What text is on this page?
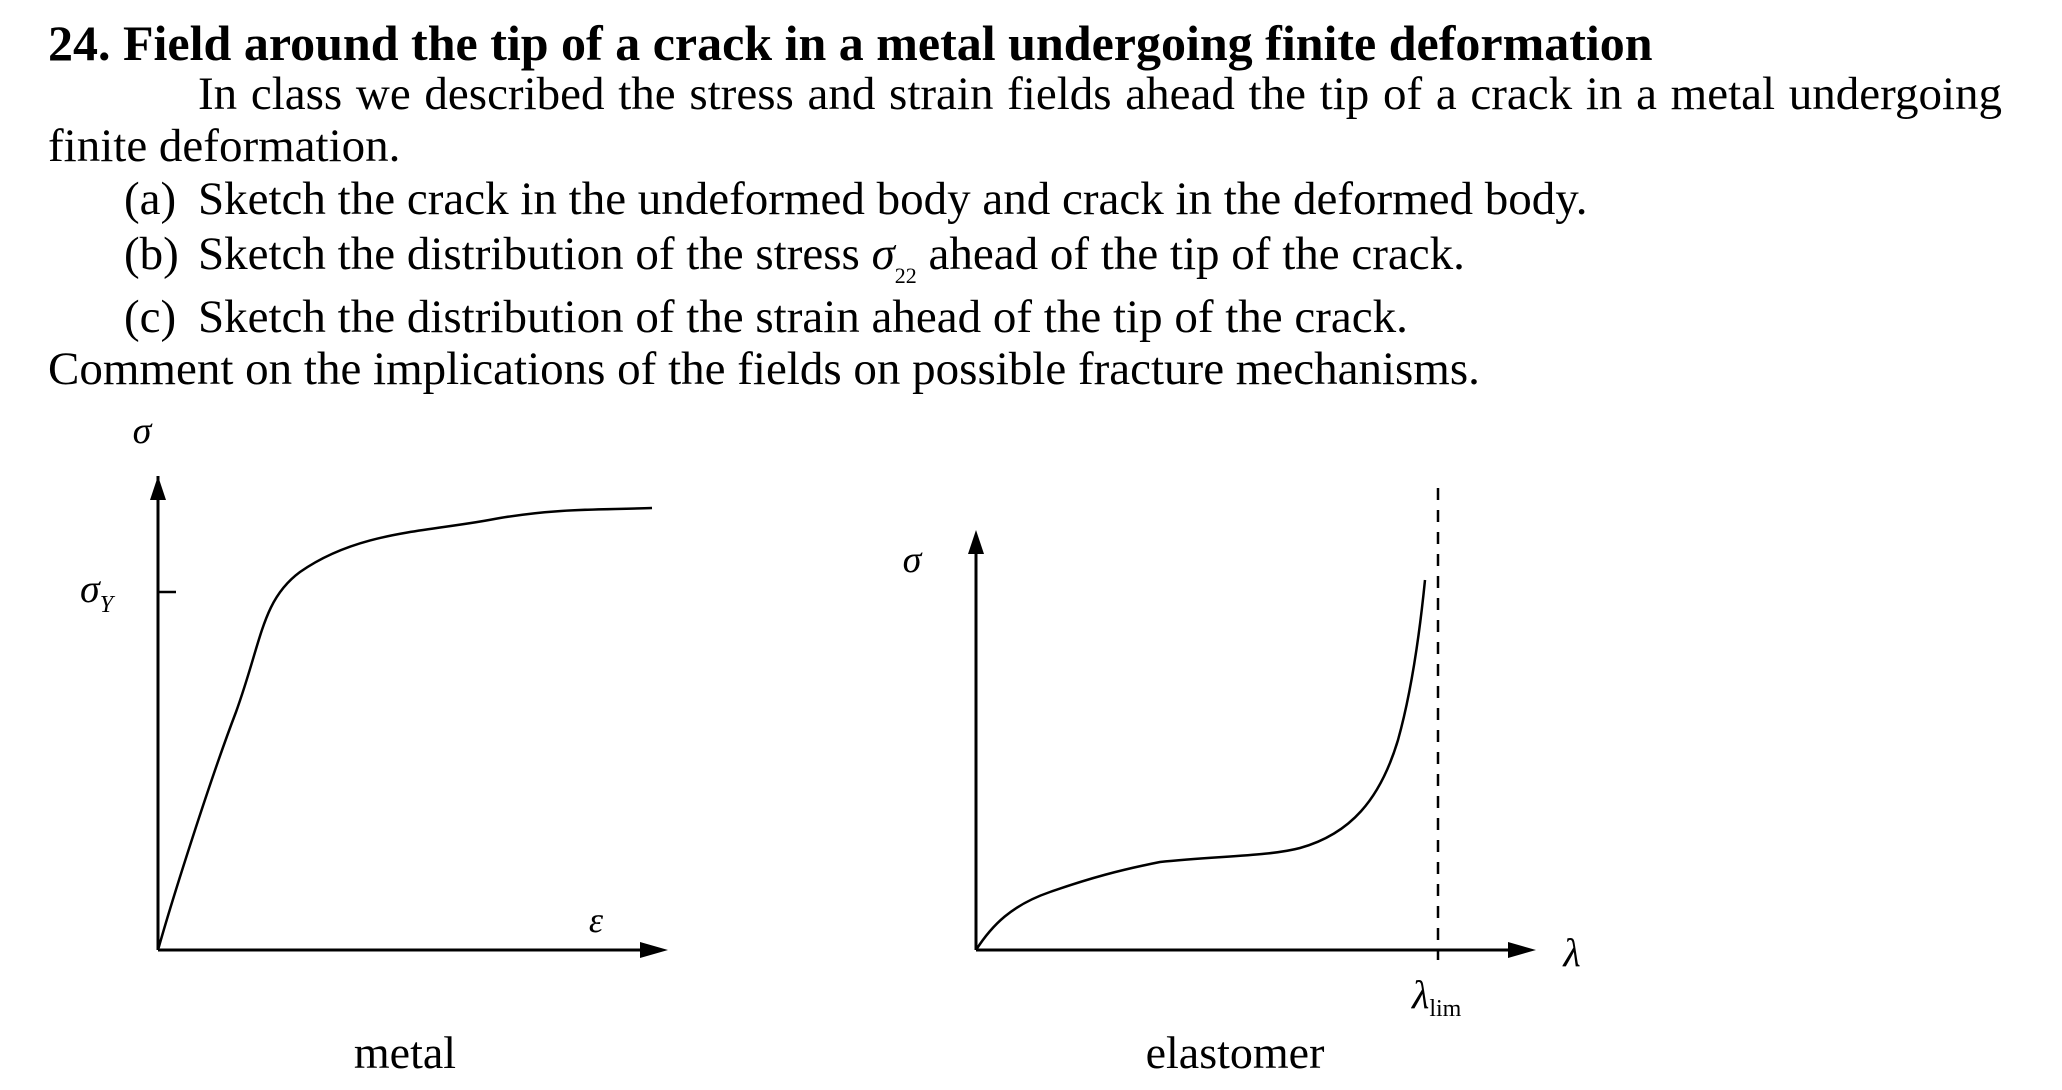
24. Field around the tip of a crack in a metal undergoing finite deformation
In class we described the stress and strain fields ahead the tip of a crack in a metal undergoing finite deformation.
(a) Sketch the crack in the undeformed body and crack in the deformed body.
(b) Sketch the distribution of the stress $\sigma_{22}$ ahead of the tip of the crack.
(c) Sketch the distribution of the strain ahead of the tip of the crack.
Comment on the implications of the fields on possible fracture mechanisms.
σ
$\sigma_Y$
ε
metal
σ
λ
$\lambda_{lim}$
elastomer
